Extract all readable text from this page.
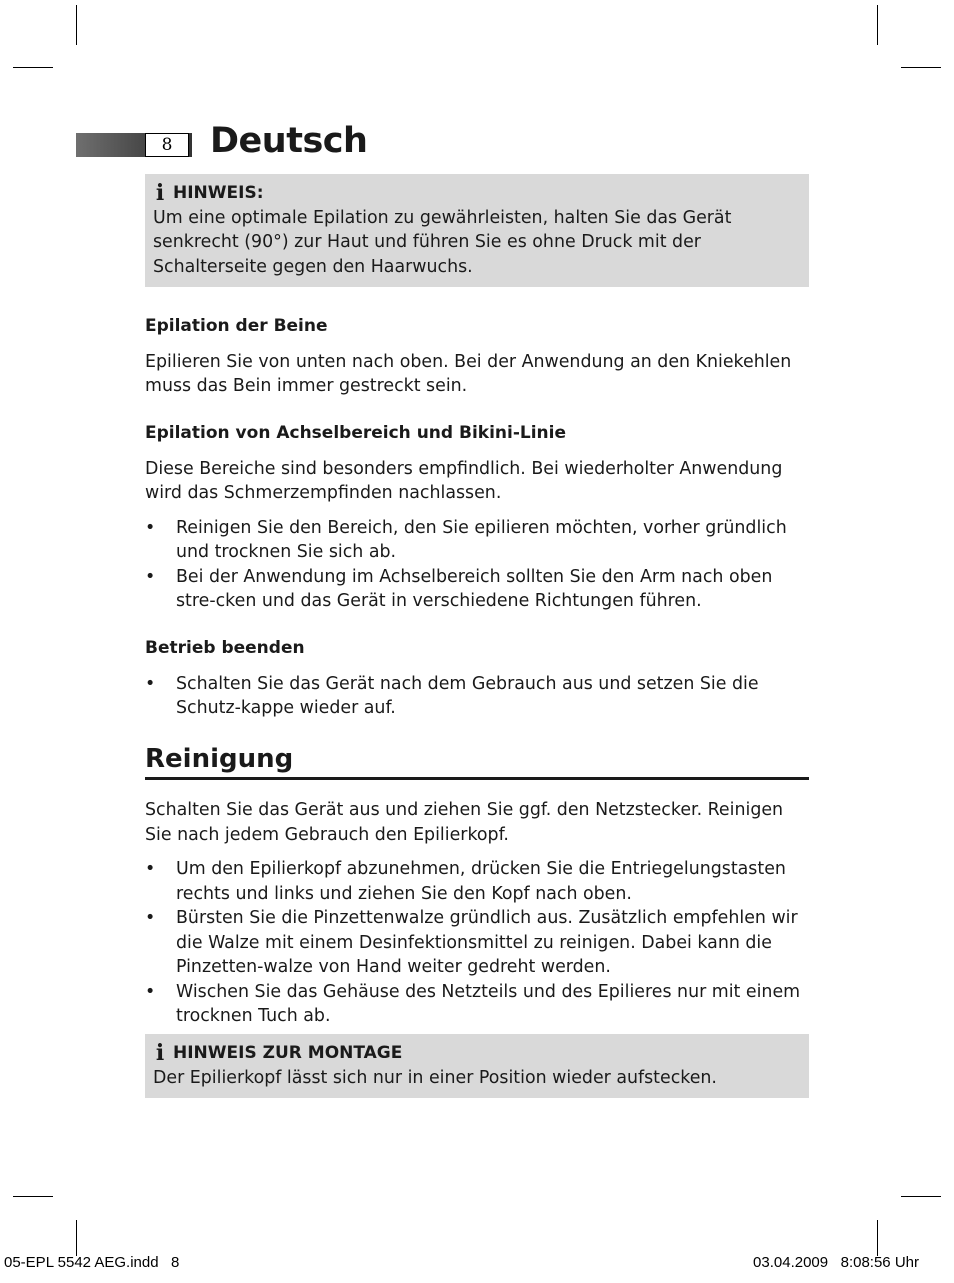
8	Deutsch
i HINWEIS:

Um eine optimale Epilation zu gewährleisten, halten Sie das Gerät senkrecht (90°) zur Haut und führen Sie es ohne Druck mit der Schalterseite gegen den Haarwuchs.

Epilation der Beine

Epilieren Sie von unten nach oben. Bei der Anwendung an den Kniekehlen muss das Bein immer gestreckt sein.

Epilation von Achselbereich und Bikini-Linie

Diese Bereiche sind besonders empfindlich. Bei wiederholter Anwendung wird das Schmerzempfinden nachlassen.

• Reinigen Sie den Bereich, den Sie epilieren möchten, vorher gründlich und trocknen Sie sich ab.
• Bei der Anwendung im Achselbereich sollten Sie den Arm nach oben stre-cken und das Gerät in verschiedene Richtungen führen.

Betrieb beenden

• Schalten Sie das Gerät nach dem Gebrauch aus und setzen Sie die Schutz-kappe wieder auf.
Reinigung

Schalten Sie das Gerät aus und ziehen Sie ggf. den Netzstecker. Reinigen Sie nach jedem Gebrauch den Epilierkopf.

• Um den Epilierkopf abzunehmen, drücken Sie die Entriegelungstasten rechts und links und ziehen Sie den Kopf nach oben.
• Bürsten Sie die Pinzettenwalze gründlich aus. Zusätzlich empfehlen wir die Walze mit einem Desinfektionsmittel zu reinigen. Dabei kann die Pinzetten-walze von Hand weiter gedreht werden.
• Wischen Sie das Gehäuse des Netzteils und des Epilieres nur mit einem trocknen Tuch ab.
i HINWEIS ZUR MONTAGE

Der Epilierkopf lässt sich nur in einer Position wieder aufstecken.

05-EPL 5542 AEG.indd   8	03.04.2009   8:08:56 Uhr
